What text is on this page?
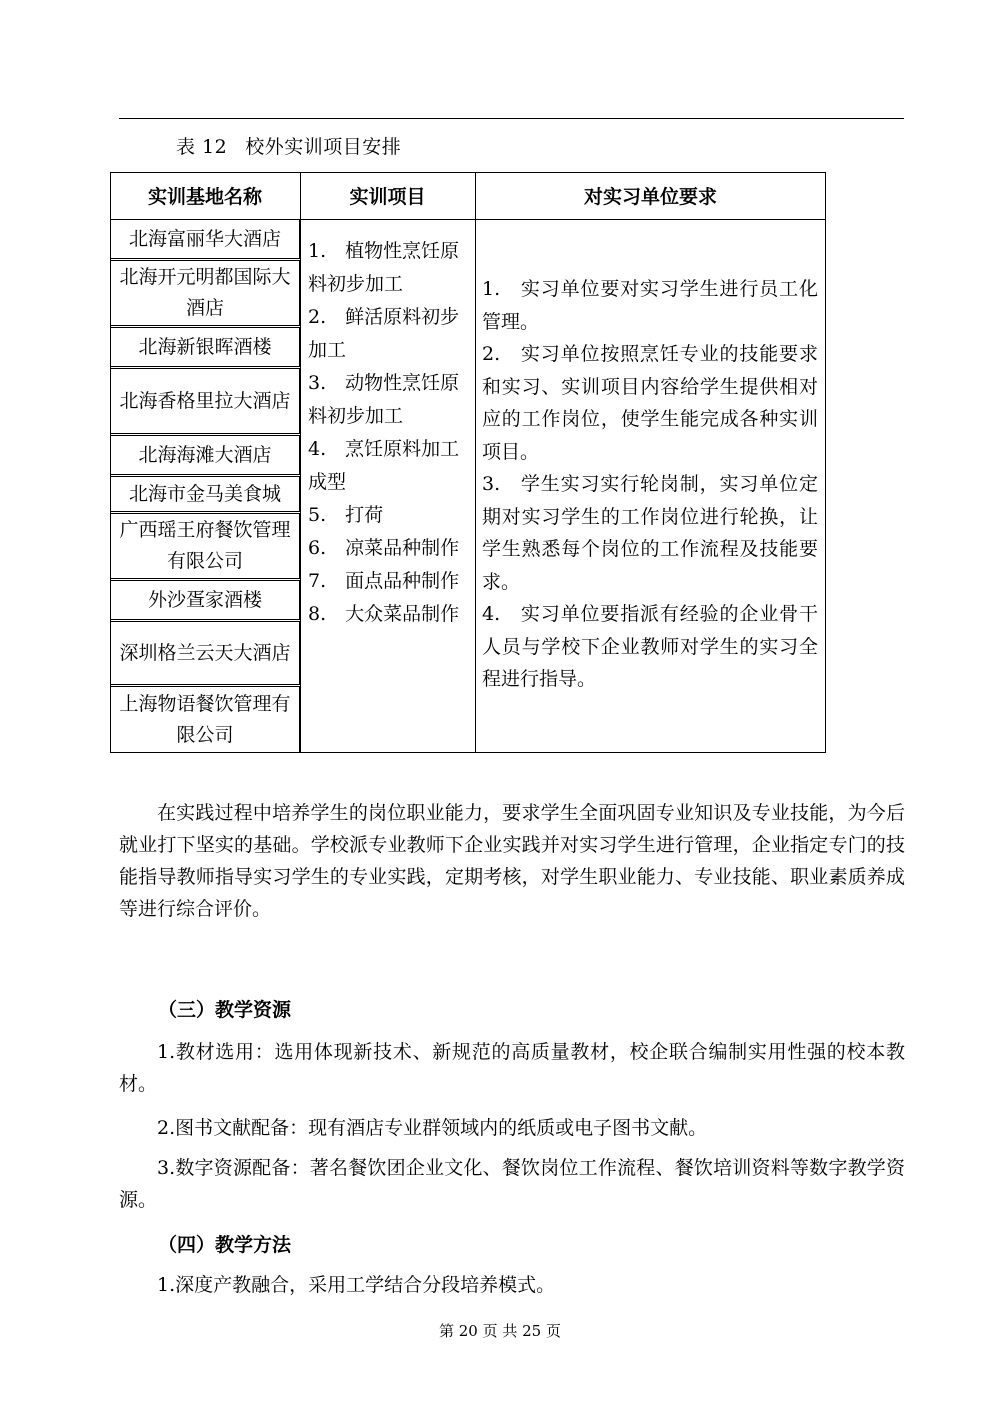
表 12 校外实训项目安排
实训基地名称	实训项目	对实习单位要求
北海富丽华大酒店
北海开元明都国际大酒店
北海新银晖酒楼
北海香格里拉大酒店
北海海滩大酒店
北海市金马美食城
广西瑶王府餐饮管理有限公司
外沙疍家酒楼
深圳格兰云天大酒店
上海物语餐饮管理有限公司
1.　植物性烹饪原料初步加工
2.　鲜活原料初步加工
3.　动物性烹饪原料初步加工
4.　烹饪原料加工成型
5.　打荷
6.　凉菜品种制作
7.　面点品种制作
8.　大众菜品制作
1.　实习单位要对实习学生进行员工化管理。
2.　实习单位按照烹饪专业的技能要求和实习、实训项目内容给学生提供相对应的工作岗位，使学生能完成各种实训项目。
3.　学生实习实行轮岗制，实习单位定期对实习学生的工作岗位进行轮换，让学生熟悉每个岗位的工作流程及技能要求。
4.　实习单位要指派有经验的企业骨干人员与学校下企业教师对学生的实习全程进行指导。
在实践过程中培养学生的岗位职业能力，要求学生全面巩固专业知识及专业技能，为今后就业打下坚实的基础。学校派专业教师下企业实践并对实习学生进行管理，企业指定专门的技能指导教师指导实习学生的专业实践，定期考核，对学生职业能力、专业技能、职业素质养成等进行综合评价。
（三）教学资源
1.教材选用：选用体现新技术、新规范的高质量教材，校企联合编制实用性强的校本教材。
2.图书文献配备：现有酒店专业群领域内的纸质或电子图书文献。
3.数字资源配备：著名餐饮团企业文化、餐饮岗位工作流程、餐饮培训资料等数字教学资源。
（四）教学方法
1.深度产教融合，采用工学结合分段培养模式。
第 20 页 共 25 页
